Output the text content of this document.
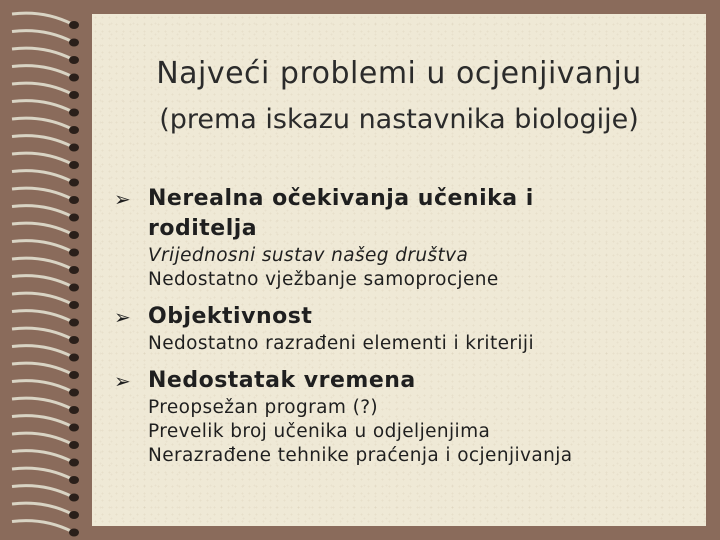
Najveći problemi u ocjenjivanju
(prema iskazu nastavnika biologije)
➢ Nerealna očekivanja učenika i
roditelja
Vrijednosni sustav našeg društva
Nedostatno vježbanje samoprocjene
➢ Objektivnost
Nedostatno razrađeni elementi i kriteriji
➢ Nedostatak vremena
Preopsežan program (?)
Prevelik broj učenika u odjeljenjima
Nerazrađene tehnike praćenja i ocjenjivanja
